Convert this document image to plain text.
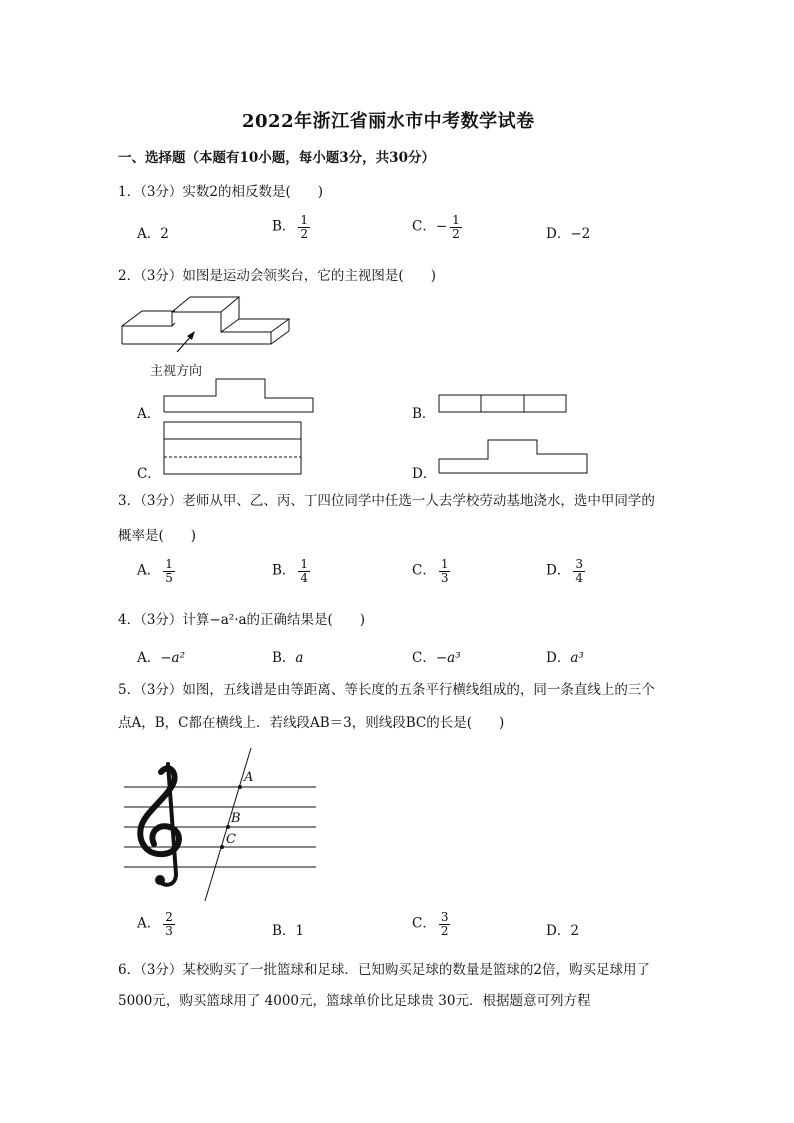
2022年浙江省丽水市中考数学试卷
一、选择题（本题有10小题，每小题3分，共30分）
1．（3分）实数2的相反数是(　　)
A．2	B． $\frac{1}{2}$	C．− $\frac{1}{2}$	D．−2
2．（3分）如图是运动会领奖台，它的主视图是(　　)
主视方向
A．	B．
C．	D．
3．（3分）老师从甲、乙、丙、丁四位同学中任选一人去学校劳动基地浇水，选中甲同学的
概率是(　　)
A． $\frac{1}{5}$	B． $\frac{1}{4}$	C． $\frac{1}{3}$	D． $\frac{3}{4}$
4．（3分）计算−a²·a的正确结果是(　　)
A．−a²	B．a	C．−a³	D．a³
5．（3分）如图，五线谱是由等距离、等长度的五条平行横线组成的，同一条直线上的三个
点A，B，C都在横线上．若线段AB＝3，则线段BC的长是(　　)
A
B
C
A． $\frac{2}{3}$	B．1	C． $\frac{3}{2}$	D．2
6．（3分）某校购买了一批篮球和足球．已知购买足球的数量是篮球的2倍，购买足球用了
5000元，购买篮球用了 4000元，篮球单价比足球贵 30元．根据题意可列方程
